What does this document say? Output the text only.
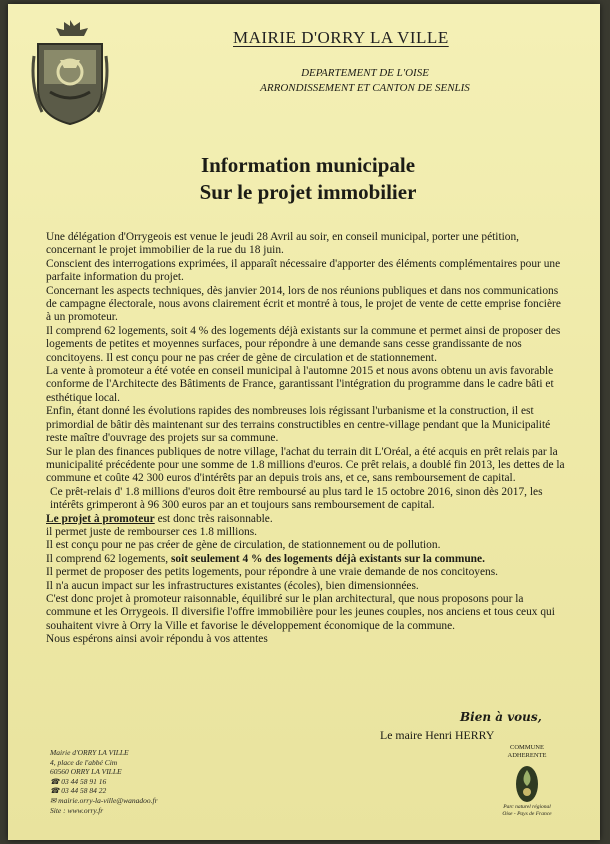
MAIRIE D'ORRY LA VILLE
DEPARTEMENT DE L'OISE
ARRONDISSEMENT ET CANTON DE SENLIS
Information municipale
Sur le projet immobilier

Une délégation d'Orrygeois est venue le jeudi 28 Avril au soir, en conseil municipal, porter une pétition, concernant le projet immobilier de la rue du 18 juin.

Conscient des interrogations exprimées, il apparaît nécessaire d'apporter des éléments complémentaires pour une parfaite information du projet.

Concernant les aspects techniques, dès janvier 2014, lors de nos réunions publiques et dans nos communications de campagne électorale, nous avons clairement écrit et montré à tous, le projet de vente de cette emprise foncière à un promoteur.

Il comprend 62 logements, soit 4 % des logements déjà existants sur la commune et permet ainsi de proposer des logements de petites et moyennes surfaces, pour répondre à une demande sans cesse grandissante de nos concitoyens. Il est conçu pour ne pas créer de gène de circulation et de stationnement.

La vente à promoteur a été votée en conseil municipal à l'automne 2015 et nous avons obtenu un avis favorable conforme de l'Architecte des Bâtiments de France, garantissant l'intégration du programme dans le cadre bâti et esthétique local.

Enfin, étant donné les évolutions rapides des nombreuses lois régissant l'urbanisme et la construction, il est primordial de bâtir dès maintenant sur des terrains constructibles en centre-village pendant que la Municipalité reste maître d'ouvrage des projets sur sa commune.

Sur le plan des finances publiques de notre village, l'achat du terrain dit L'Oréal, a été acquis en prêt relais par la municipalité précédente pour une somme de 1.8 millions d'euros. Ce prêt relais, a doublé fin 2013, les dettes de la commune et coûte 42 300 euros d'intérêts par an depuis trois ans, et ce, sans remboursement de capital.

Ce prêt-relais d' 1.8 millions d'euros doit être remboursé au plus tard le 15 octobre 2016, sinon dès 2017, les intérêts grimperont à 96 300 euros par an et toujours sans remboursement de capital.

Le projet à promoteur est donc très raisonnable.

il permet juste de rembourser ces 1.8 millions.

Il est conçu pour ne pas créer de gène de circulation, de stationnement ou de pollution.

Il comprend 62 logements, soit seulement 4 % des logements déjà existants sur la commune.

Il permet de proposer des petits logements, pour répondre à une vraie demande de nos concitoyens.

Il n'a aucun impact sur les infrastructures existantes (écoles), bien dimensionnées.

C'est donc projet à promoteur raisonnable, équilibré sur le plan architectural, que nous proposons pour la commune et les Orrygeois. Il diversifie l'offre immobilière pour les jeunes couples, nos anciens et tous ceux qui souhaitent vivre à Orry la Ville et favorise le développement économique de la commune.

Nous espérons ainsi avoir répondu à vos attentes

Bien à vous,
Le maire Henri HERRY
Mairie d'ORRY LA VILLE
4, place de l'abbé Cim
60560 ORRY LA VILLE
☎ 03 44 58 91 16
☎ 03 44 58 84 22
✉ mairie.orry-la-ville@wanadoo.fr
Site : www.orry.fr
COMMUNE
ADHERENTE
Parc naturel régional
Oise - Pays de France
